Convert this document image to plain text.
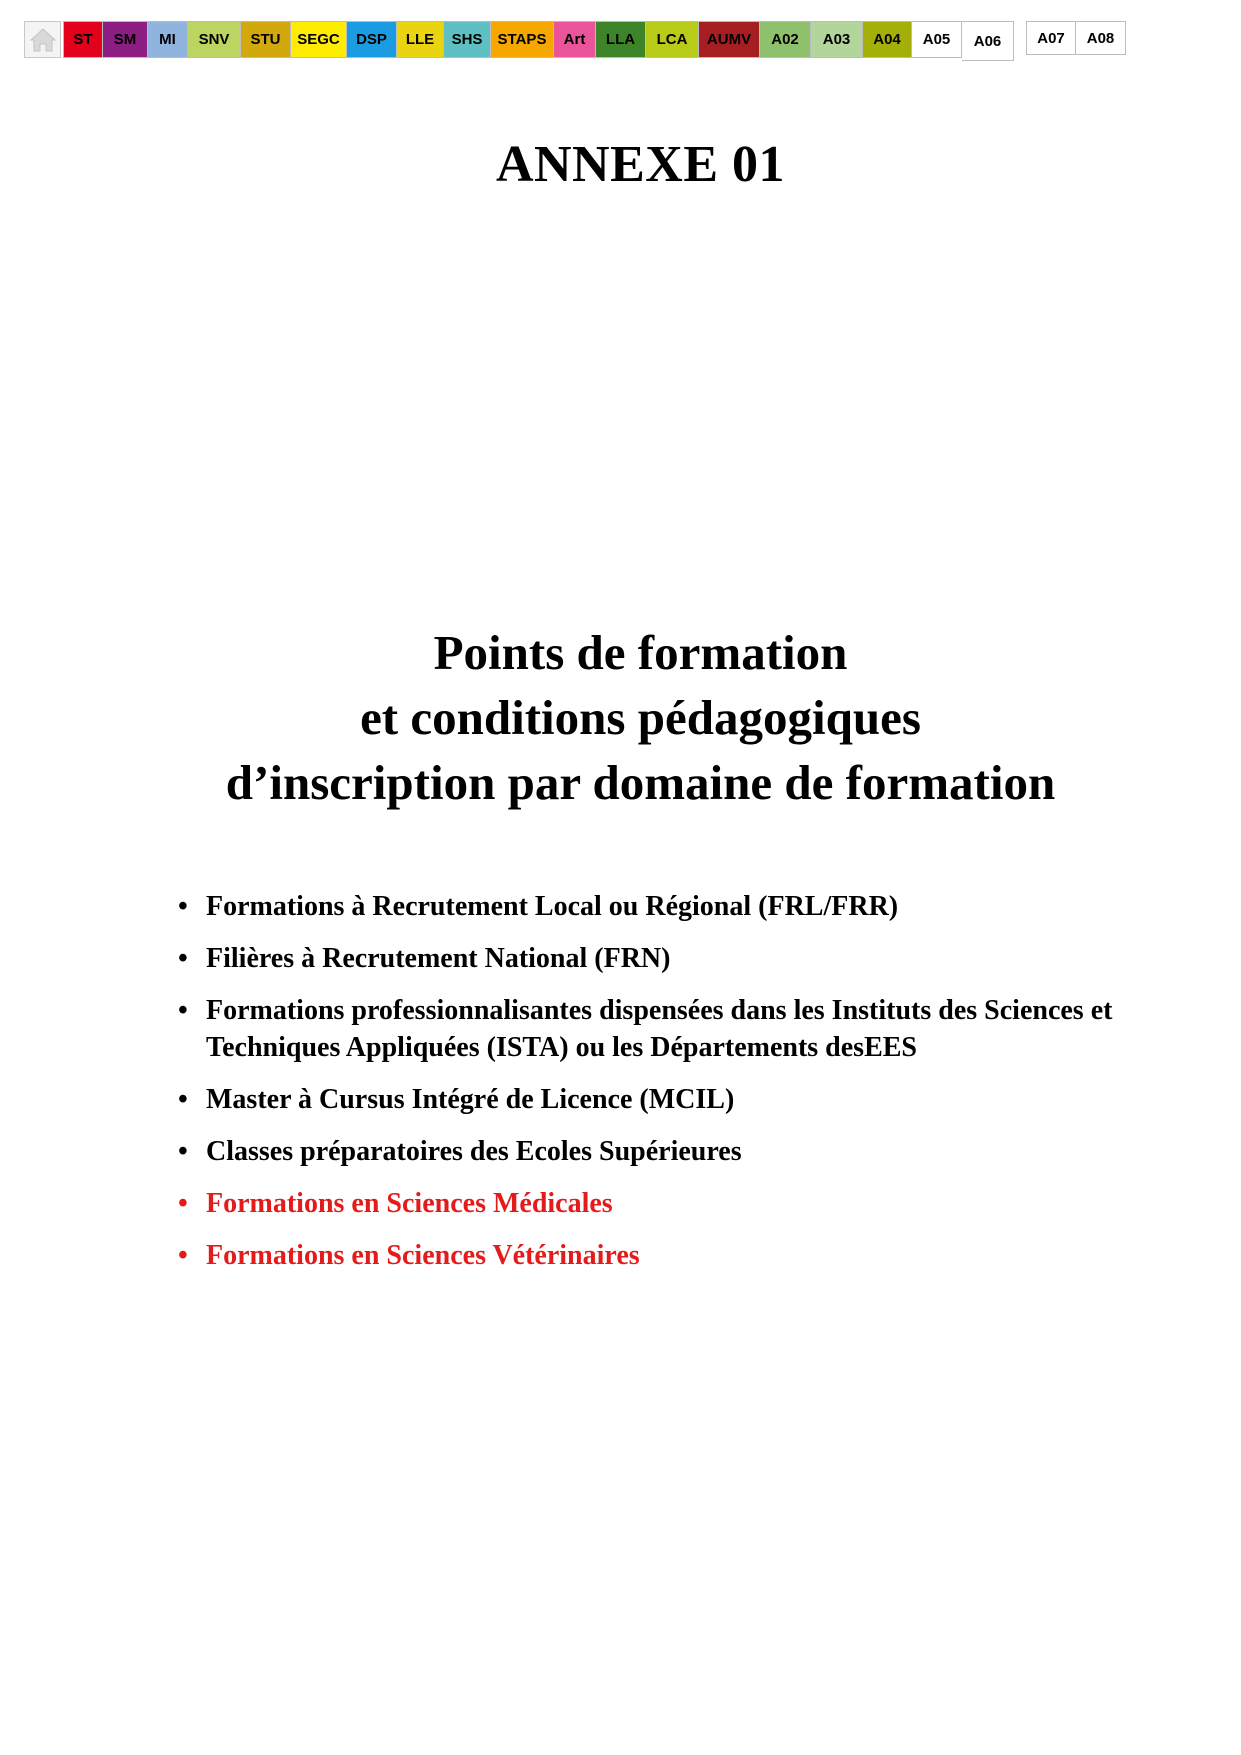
ST	SM	MI	SNV	STU	SEGC	DSP	LLE	SHS	STAPS	Art	LLA	LCA	AUMV	A02	A03	A04	A05	A06	A07	A08
ANNEXE 01
Points de formation
et conditions pédagogiques
d’inscription par domaine de formation
• Formations à Recrutement Local ou Régional (FRL/FRR)
• Filières à Recrutement National (FRN)
• Formations professionnalisantes dispensées dans les Instituts des Sciences et Techniques Appliquées (ISTA) ou les Départements desEES
• Master à Cursus Intégré de Licence (MCIL)
• Classes préparatoires des Ecoles Supérieures
• Formations en Sciences Médicales
• Formations en Sciences Vétérinaires
